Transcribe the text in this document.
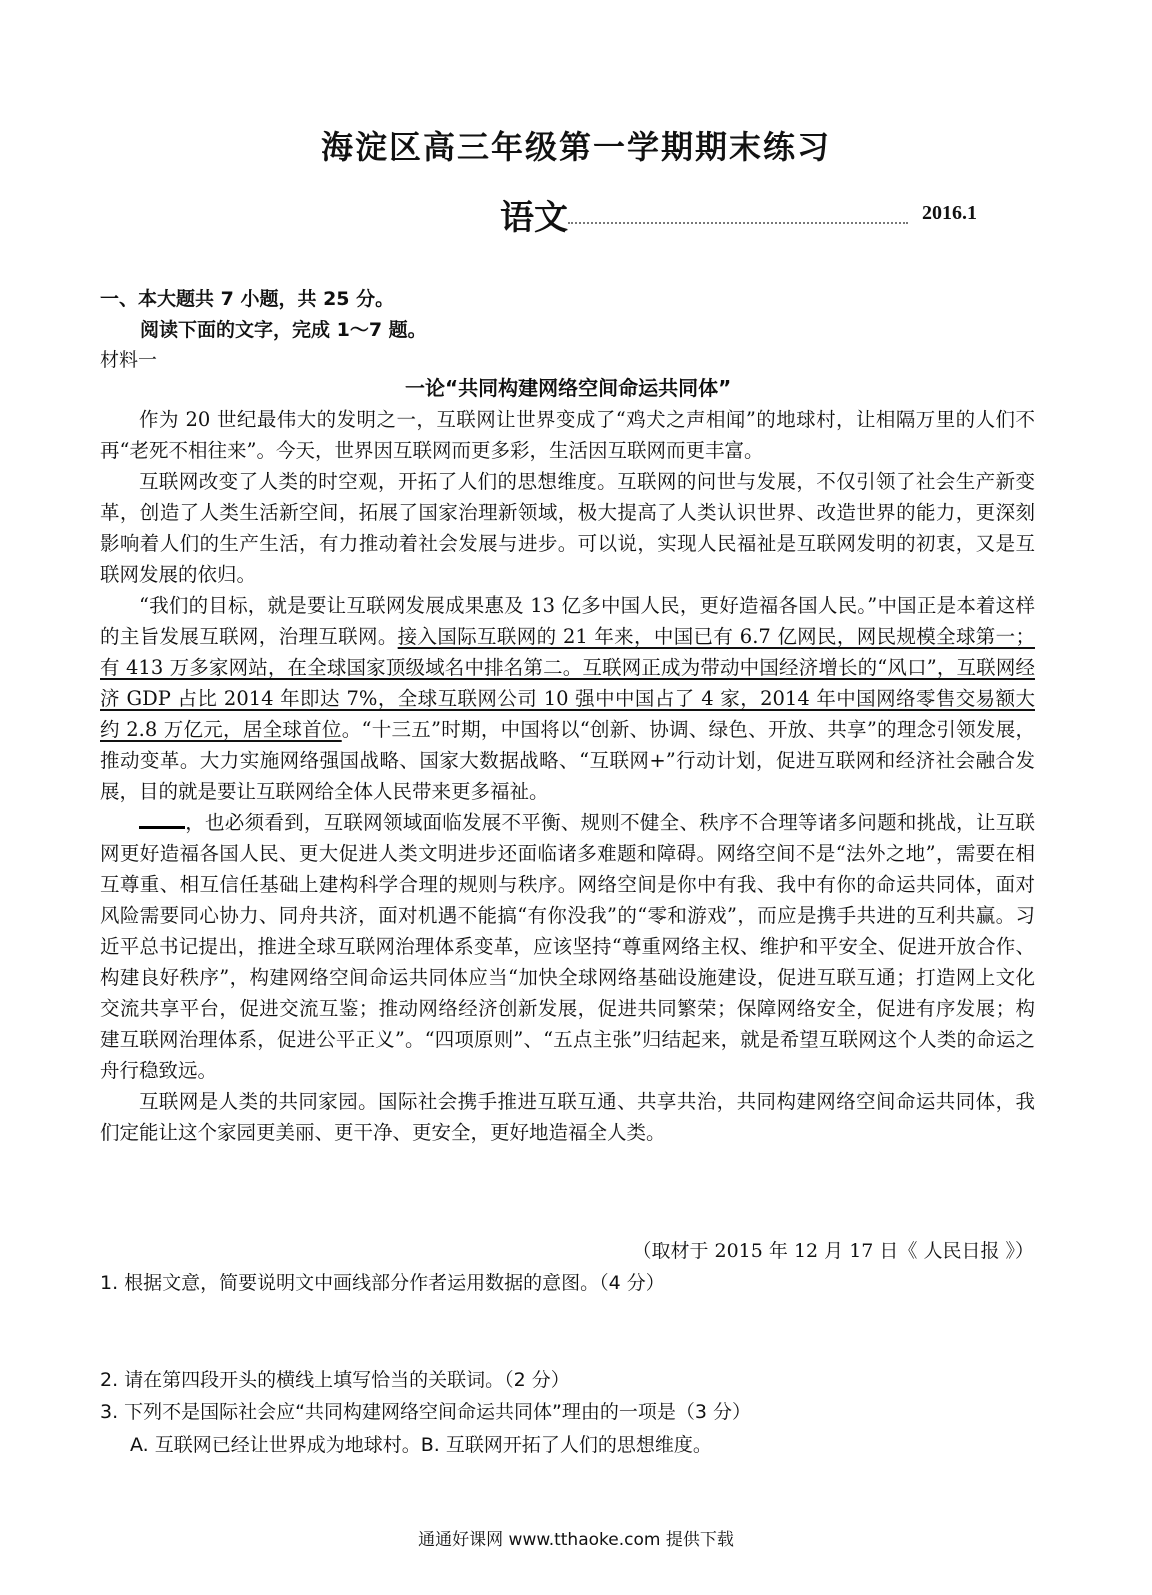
海淀区高三年级第一学期期末练习
语文	2016.1
一、本大题共 7 小题，共 25 分。
阅读下面的文字，完成 1～7 题。
材料一
一论“共同构建网络空间命运共同体”

作为 20 世纪最伟大的发明之一，互联网让世界变成了“鸡犬之声相闻”的地球村，让相隔万里的人们不再“老死不相往来”。今天，世界因互联网而更多彩，生活因互联网而更丰富。

互联网改变了人类的时空观，开拓了人们的思想维度。互联网的问世与发展，不仅引领了社会生产新变革，创造了人类生活新空间，拓展了国家治理新领域，极大提高了人类认识世界、改造世界的能力，更深刻影响着人们的生产生活，有力推动着社会发展与进步。可以说，实现人民福祉是互联网发明的初衷，又是互联网发展的依归。

“我们的目标，就是要让互联网发展成果惠及 13 亿多中国人民，更好造福各国人民。”中国正是本着这样的主旨发展互联网，治理互联网。接入国际互联网的 21 年来，中国已有 6.7 亿网民，网民规模全球第一；有 413 万多家网站，在全球国家顶级域名中排名第二。互联网正成为带动中国经济增长的“风口”，互联网经济 GDP 占比 2014 年即达 7%，全球互联网公司 10 强中中国占了 4 家，2014 年中国网络零售交易额大约 2.8 万亿元，居全球首位。“十三五”时期，中国将以“创新、协调、绿色、开放、共享”的理念引领发展，推动变革。大力实施网络强国战略、国家大数据战略、“互联网+”行动计划，促进互联网和经济社会融合发展，目的就是要让互联网给全体人民带来更多福祉。

，也必须看到，互联网领域面临发展不平衡、规则不健全、秩序不合理等诸多问题和挑战，让互联网更好造福各国人民、更大促进人类文明进步还面临诸多难题和障碍。网络空间不是“法外之地”，需要在相互尊重、相互信任基础上建构科学合理的规则与秩序。网络空间是你中有我、我中有你的命运共同体，面对风险需要同心协力、同舟共济，面对机遇不能搞“有你没我”的“零和游戏”，而应是携手共进的互利共赢。习近平总书记提出，推进全球互联网治理体系变革，应该坚持“尊重网络主权、维护和平安全、促进开放合作、构建良好秩序”，构建网络空间命运共同体应当“加快全球网络基础设施建设，促进互联互通；打造网上文化交流共享平台，促进交流互鉴；推动网络经济创新发展，促进共同繁荣；保障网络安全，促进有序发展；构建互联网治理体系，促进公平正义”。“四项原则”、“五点主张”归结起来，就是希望互联网这个人类的命运之舟行稳致远。

互联网是人类的共同家园。国际社会携手推进互联互通、共享共治，共同构建网络空间命运共同体，我们定能让这个家园更美丽、更干净、更安全，更好地造福全人类。

（取材于 2015 年 12 月 17 日《 人民日报 》）
1. 根据文意，简要说明文中画线部分作者运用数据的意图。（4 分）
2. 请在第四段开头的横线上填写恰当的关联词。（2 分）
3. 下列不是国际社会应“共同构建网络空间命运共同体”理由的一项是（3 分）
A. 互联网已经让世界成为地球村。B. 互联网开拓了人们的思想维度。
通通好课网 www.tthaoke.com 提供下载
